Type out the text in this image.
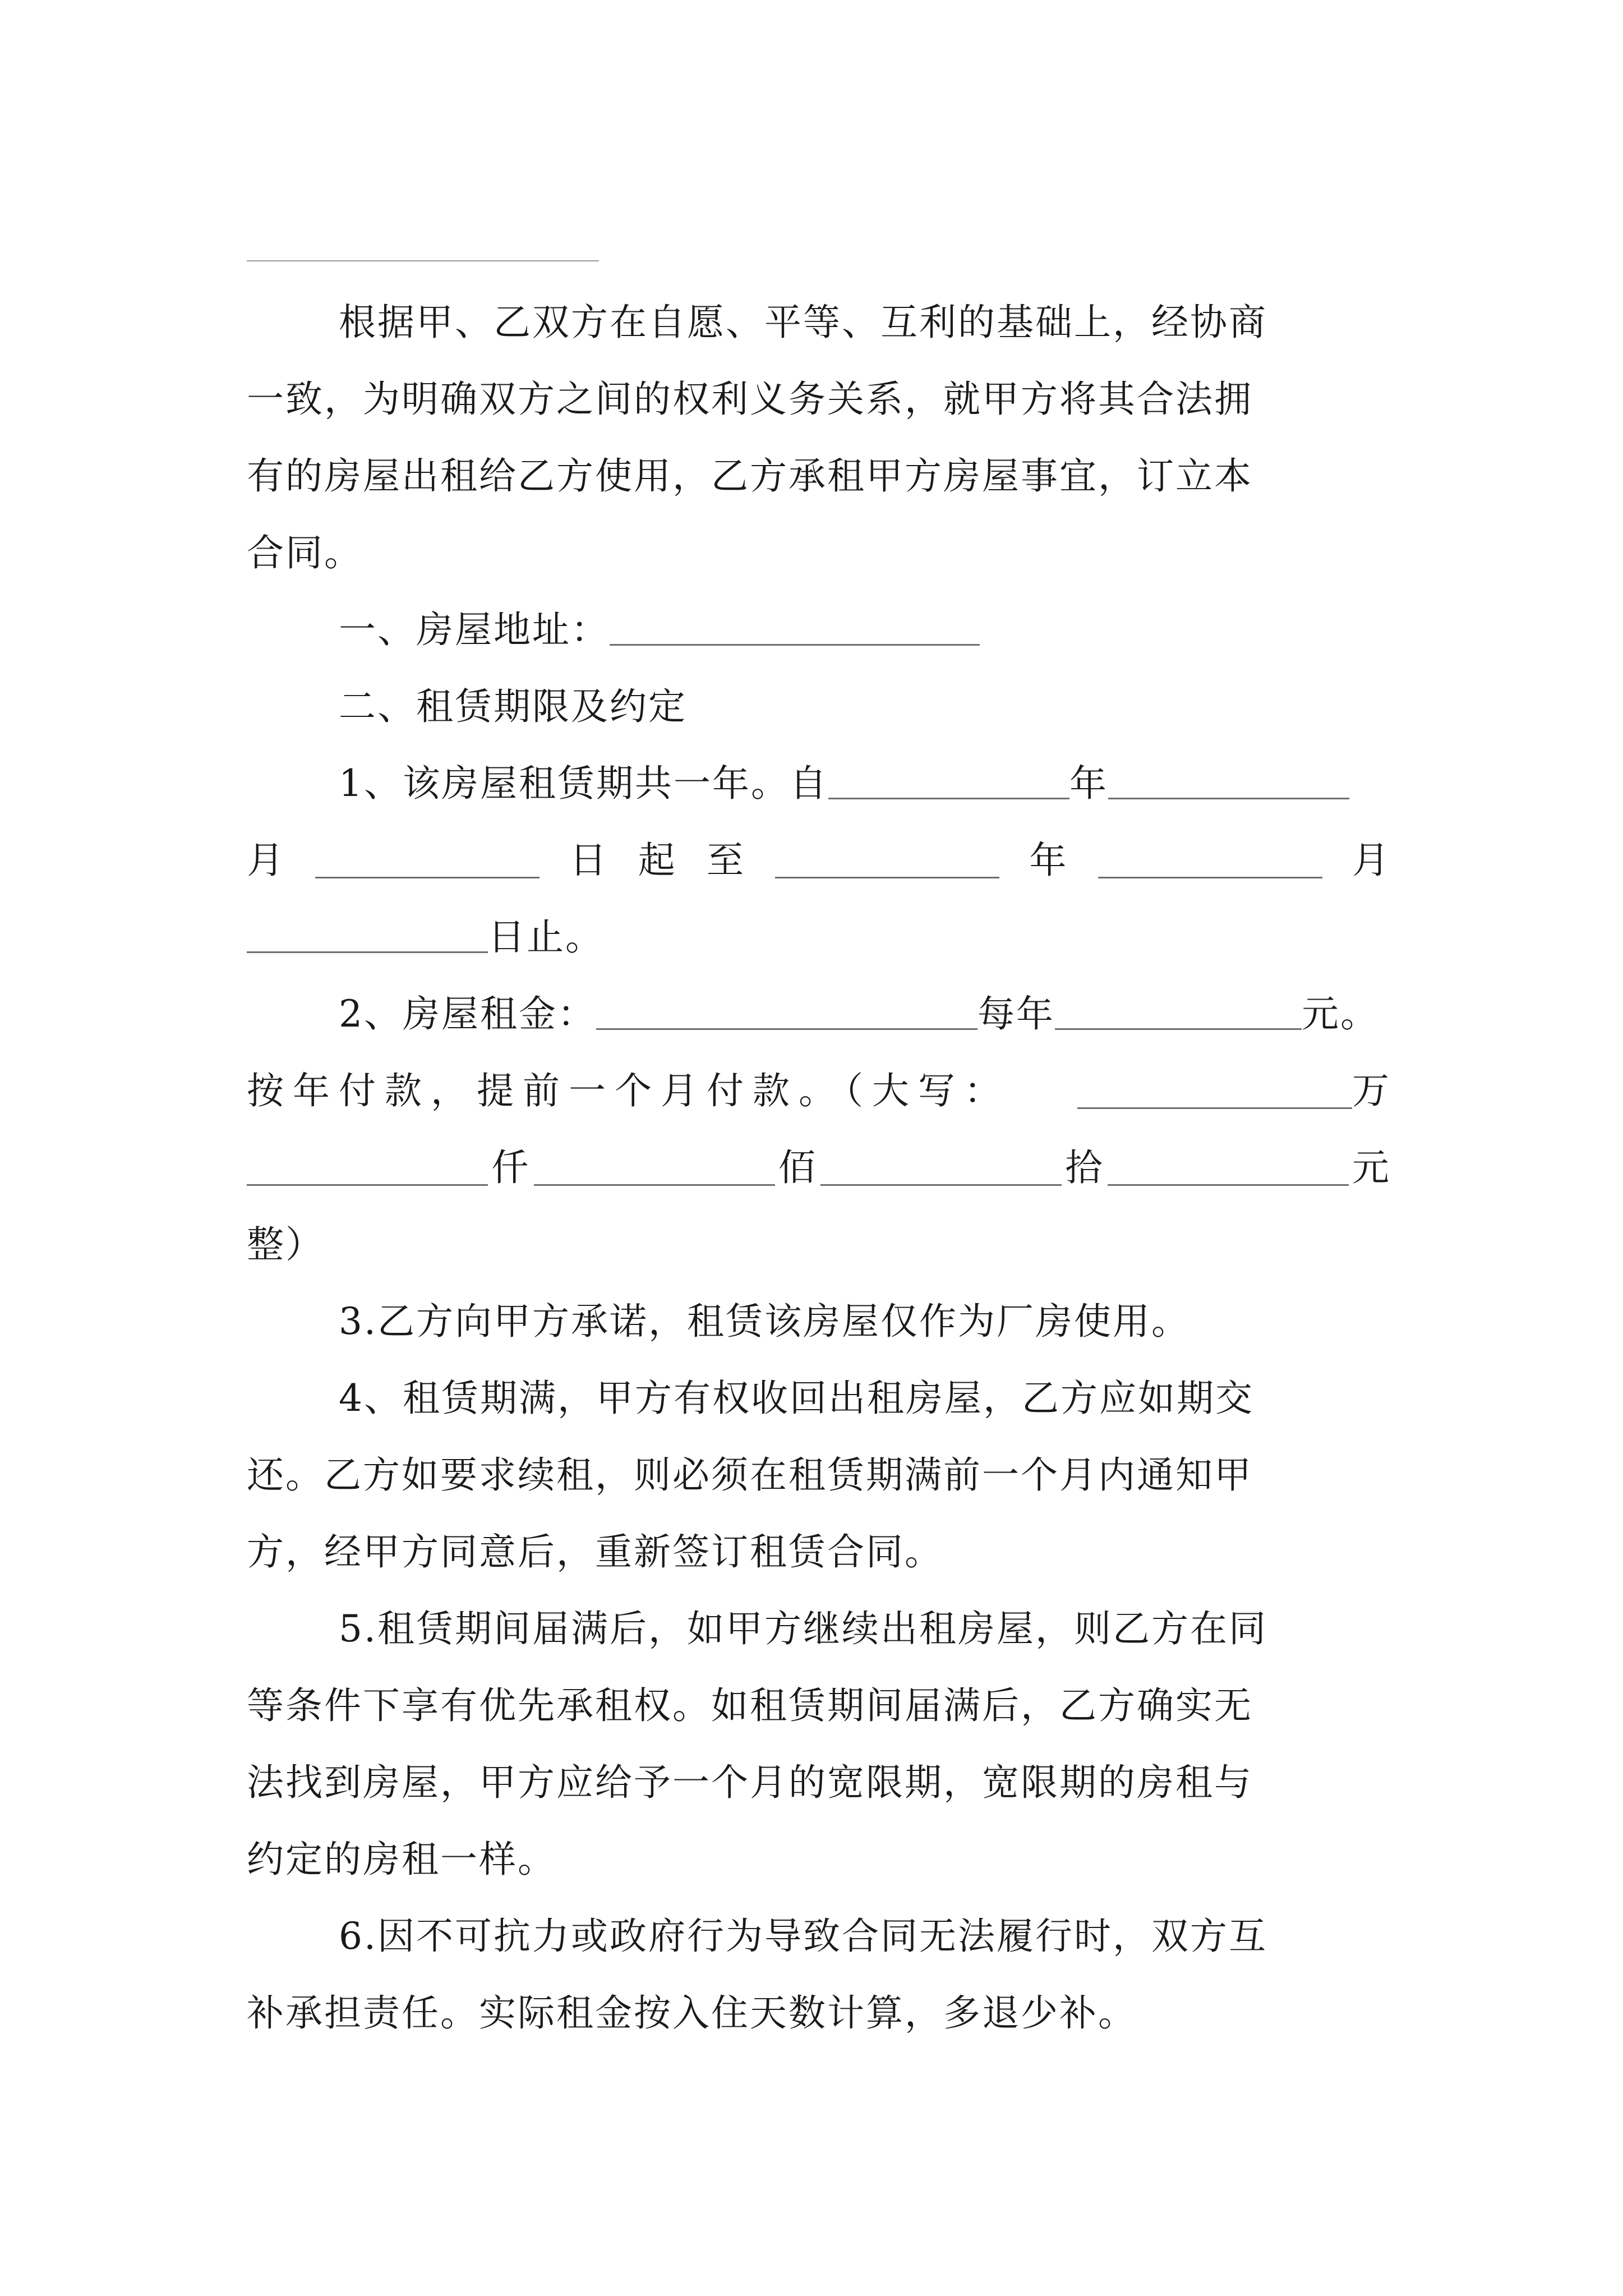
根据甲、乙双方在自愿、平等、互利的基础上，经协商
一致，为明确双方之间的权利义务关系，就甲方将其合法拥
有的房屋出租给乙方使用，乙方承租甲方房屋事宜，订立本
合同。
一、房屋地址：
二、租赁期限及约定
1、该房屋租赁期共一年。自	年
月	日 起 至	年	月
日止。
2、房屋租金：	每年	元。
按年付款，提前一个月付款。（大写：	万
仟	佰	拾	元
整）
3.乙方向甲方承诺，租赁该房屋仅作为厂房使用。
4、租赁期满，甲方有权收回出租房屋，乙方应如期交
还。乙方如要求续租，则必须在租赁期满前一个月内通知甲
方，经甲方同意后，重新签订租赁合同。
5.租赁期间届满后，如甲方继续出租房屋，则乙方在同
等条件下享有优先承租权。如租赁期间届满后，乙方确实无
法找到房屋，甲方应给予一个月的宽限期，宽限期的房租与
约定的房租一样。
6.因不可抗力或政府行为导致合同无法履行时，双方互
补承担责任。实际租金按入住天数计算，多退少补。
